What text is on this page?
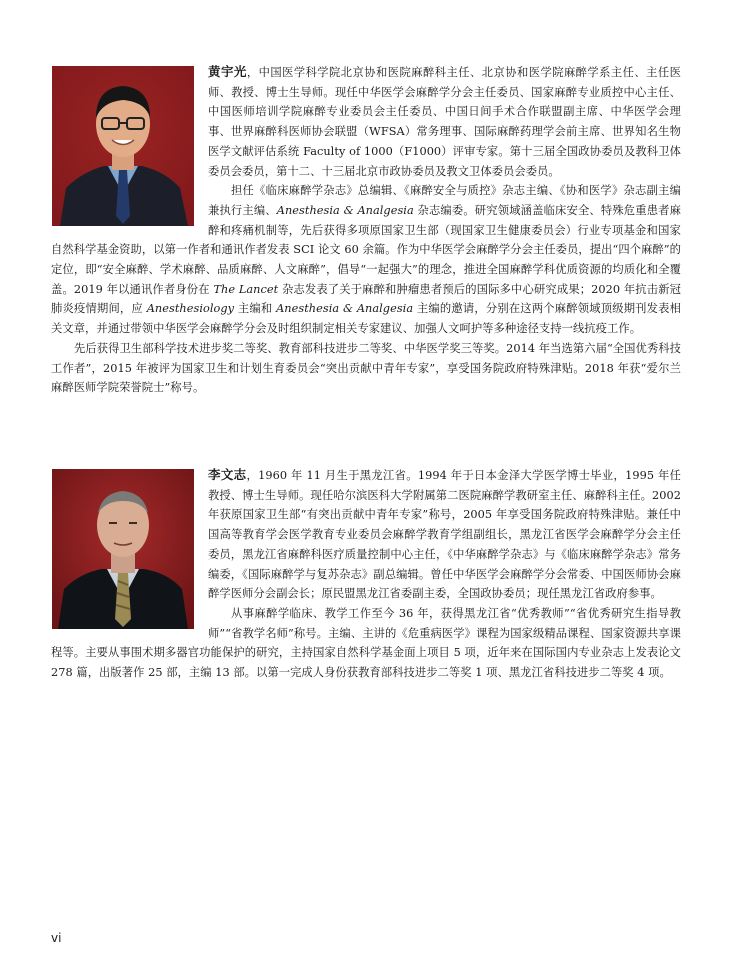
黄宇光，中国医学科学院北京协和医院麻醉科主任、北京协和医学院麻醉学系主任、主任医师、教授、博士生导师。现任中华医学会麻醉学分会主任委员、国家麻醉专业质控中心主任、中国医师培训学院麻醉专业委员会主任委员、中国日间手术合作联盟副主席、中华医学会理事、世界麻醉科医师协会联盟（WFSA）常务理事、国际麻醉药理学会前主席、世界知名生物医学文献评估系统 Faculty of 1000（F1000）评审专家。第十三届全国政协委员及教科卫体委员会委员，第十二、十三届北京市政协委员及教文卫体委员会委员。

担任《临床麻醉学杂志》总编辑、《麻醉安全与质控》杂志主编、《协和医学》杂志副主编兼执行主编、Anesthesia & Analgesia 杂志编委。研究领域涵盖临床安全、特殊危重患者麻醉和疼痛机制等，先后获得多项原国家卫生部（现国家卫生健康委员会）行业专项基金和国家自然科学基金资助，以第一作者和通讯作者发表 SCI 论文 60 余篇。作为中华医学会麻醉学分会主任委员，提出“四个麻醉”的定位，即“安全麻醉、学术麻醉、品质麻醉、人文麻醉”，倡导“一起强大”的理念，推进全国麻醉学科优质资源的均质化和全覆盖。2019 年以通讯作者身份在 The Lancet 杂志发表了关于麻醉和肿瘤患者预后的国际多中心研究成果；2020 年抗击新冠肺炎疫情期间，应 Anesthesiology 主编和 Anesthesia & Analgesia 主编的邀请，分别在这两个麻醉领域顶级期刊发表相关文章，并通过带领中华医学会麻醉学分会及时组织制定相关专家建议、加强人文呵护等多种途径支持一线抗疫工作。

先后获得卫生部科学技术进步奖二等奖、教育部科技进步二等奖、中华医学奖三等奖。2014 年当选第六届“全国优秀科技工作者”，2015 年被评为国家卫生和计划生育委员会“突出贡献中青年专家”，享受国务院政府特殊津贴。2018 年获“爱尔兰麻醉医师学院荣誉院士”称号。

李文志，1960 年 11 月生于黑龙江省。1994 年于日本金泽大学医学博士毕业，1995 年任教授、博士生导师。现任哈尔滨医科大学附属第二医院麻醉学教研室主任、麻醉科主任。2002 年获原国家卫生部“有突出贡献中青年专家”称号，2005 年享受国务院政府特殊津贴。兼任中国高等教育学会医学教育专业委员会麻醉学教育学组副组长，黑龙江省医学会麻醉学分会主任委员，黑龙江省麻醉科医疗质量控制中心主任，《中华麻醉学杂志》与《临床麻醉学杂志》常务编委，《国际麻醉学与复苏杂志》副总编辑。曾任中华医学会麻醉学分会常委、中国医师协会麻醉学医师分会副会长；原民盟黑龙江省委副主委，全国政协委员；现任黑龙江省政府参事。

从事麻醉学临床、教学工作至今 36 年，获得黑龙江省“优秀教师”“省优秀研究生指导教师”“省教学名师”称号。主编、主讲的《危重病医学》课程为国家级精品课程、国家资源共享课程等。主要从事围术期多器官功能保护的研究，主持国家自然科学基金面上项目 5 项，近年来在国际国内专业杂志上发表论文 278 篇，出版著作 25 部，主编 13 部。以第一完成人身份获教育部科技进步二等奖 1 项、黑龙江省科技进步二等奖 4 项。

vi
